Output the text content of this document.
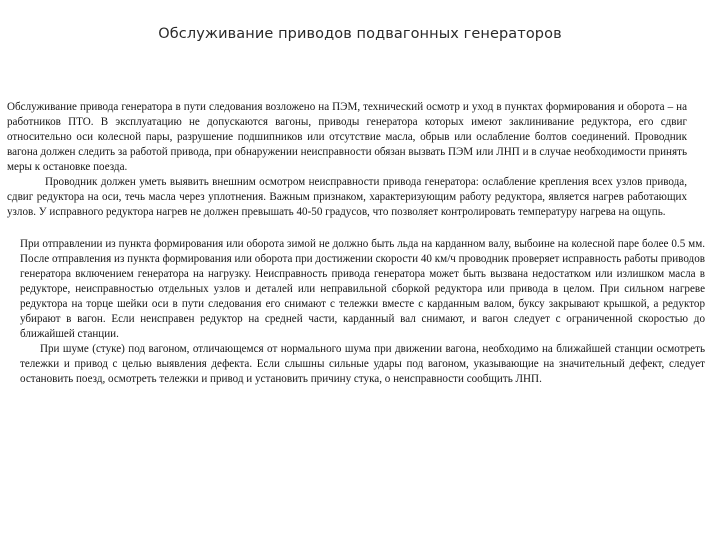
Обслуживание приводов подвагонных генераторов

Обслуживание привода генератора в пути следования возложено на ПЭМ, технический осмотр и уход в пунктах формирования и оборота – на работников ПТО. В эксплуатацию не допускаются вагоны, приводы генератора которых имеют заклинивание редуктора, его сдвиг относительно оси колесной пары, разрушение подшипников или отсутствие масла, обрыв или ослабление болтов соединений. Проводник вагона должен следить за работой привода, при обнаружении неисправности обязан вызвать ПЭМ или ЛНП и в случае необходимости принять меры к остановке поезда.
Проводник должен уметь выявить внешним осмотром неисправности привода генератора: ослабление крепления всех узлов привода, сдвиг редуктора на оси, течь масла через уплотнения. Важным признаком, характеризующим работу редуктора, является нагрев работающих узлов. У исправного редуктора нагрев не должен превышать 40-50 градусов, что позволяет контролировать температуру нагрева на ощупь.

При отправлении из пункта формирования или оборота зимой не должно быть льда на карданном валу, выбоине на колесной паре более 0.5 мм. После отправления из пункта формирования или оборота при достижении скорости 40 км/ч проводник проверяет исправность работы приводов генератора включением генератора на нагрузку. Неисправность привода генератора может быть вызвана недостатком или излишком масла в редукторе, неисправностью отдельных узлов и деталей или неправильной сборкой редуктора или привода в целом. При сильном нагреве редуктора на торце шейки оси в пути следования его снимают с тележки вместе с карданным валом, буксу закрывают крышкой, а редуктор убирают в вагон. Если неисправен редуктор на средней части, карданный вал снимают, и вагон следует с ограниченной скоростью до ближайшей станции.
При шуме (стуке) под вагоном, отличающемся от нормального шума при движении вагона, необходимо на ближайшей станции осмотреть тележки и привод с целью выявления дефекта. Если слышны сильные удары под вагоном, указывающие на значительный дефект, следует остановить поезд, осмотреть тележки и привод и установить причину стука, о неисправности сообщить ЛНП.
